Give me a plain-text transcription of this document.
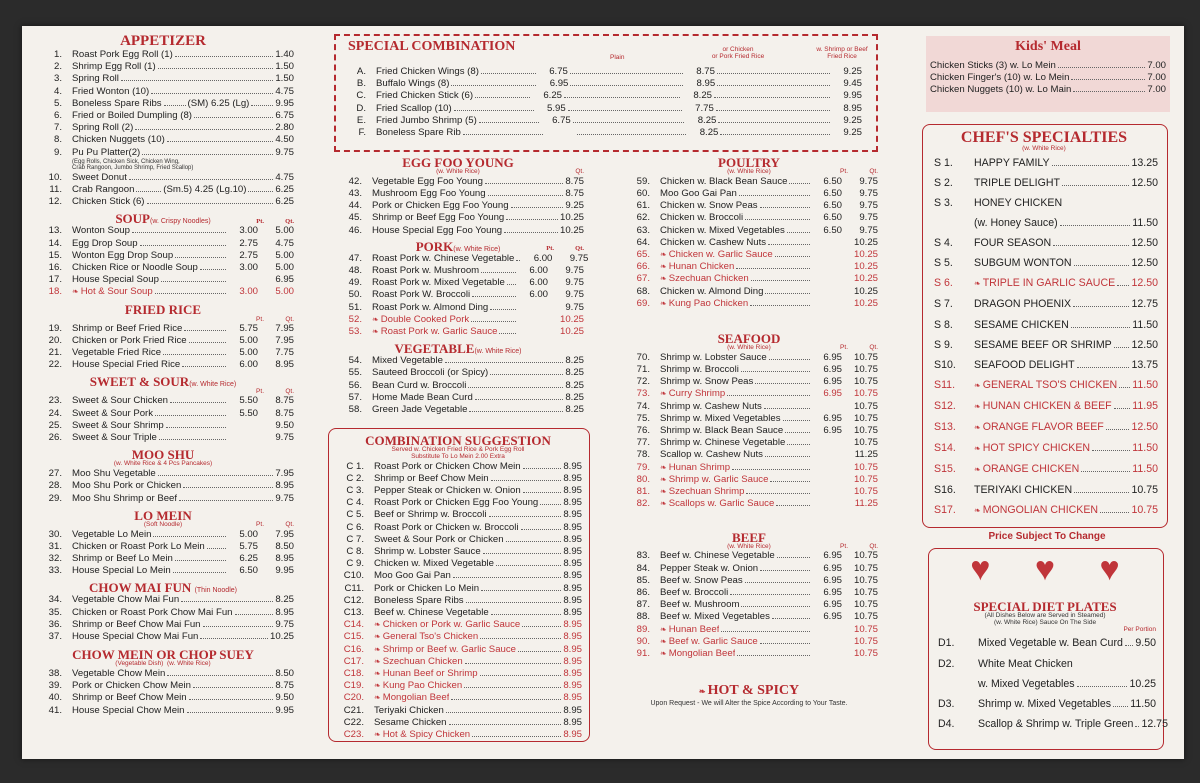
APPETIZER
1.	Roast Pork Egg Roll (1)	1.40
2.	Shrimp Egg Roll (1)	1.50
3.	Spring Roll	1.50
4.	Fried Wonton (10)	4.75
5.	Boneless Spare Ribs	(SM) 6.25 (Lg)	9.95
6.	Fried or Boiled Dumpling (8)	6.75
7.	Spring Roll (2)	2.80
8.	Chicken Nuggets (10)	4.50
9.	Pu Pu Platter(2)	9.75
(Egg Rolls, Chicken Sick, Chicken Wing,
Crab Rangoon, Jumbo Shrimp, Fried Scallop)
10.	Sweet Donut	4.75
11.	Crab Rangoon	(Sm.5) 4.25 (Lg.10)	6.25
12.	Chicken Stick (6)	6.25
SOUP(w. Crispy Noodles)	Pt.	Qt.
13.	Wonton Soup	3.00	5.00
14.	Egg Drop Soup	2.75	4.75
15.	Wonton Egg Drop Soup	2.75	5.00
16.	Chicken Rice or Noodle Soup	3.00	5.00
17.	House Special Soup	6.95
18.	❧ Hot & Sour Soup	3.00	5.00
FRIED RICE
Pt.	Qt.
19.	Shrimp or Beef Fried Rice	5.75	7.95
20.	Chicken or Pork Fried Rice	5.00	7.95
21.	Vegetable Fried Rice	5.00	7.75
22.	House Special Fried Rice	6.00	8.95
SWEET & SOUR(w. White Rice)
Pt.	Qt.
23.	Sweet & Sour Chicken	5.50	8.75
24.	Sweet & Sour Pork	5.50	8.75
25.	Sweet & Sour Shrimp	9.50
26.	Sweet & Sour Triple	9.75
MOO SHU
(w. White Rice & 4 Pcs Pancakes)
27.	Moo Shu Vegetable	7.95
28.	Moo Shu Pork or Chicken	8.95
29.	Moo Shu Shrimp or Beef	9.75
LO MEIN
(Soft Noodle)	Pt.	Qt.
30.	Vegetable Lo Mein	5.00	7.95
31.	Chicken or Roast Pork Lo Mein	5.75	8.50
32.	Shrimp or Beef Lo Mein	6.25	8.95
33.	House Special Lo Mein	6.50	9.95
CHOW MAI FUN (Thin Noodle)
34.	Vegetable Chow Mai Fun	8.25
35.	Chicken or Roast Pork Chow Mai Fun	8.95
36.	Shrimp or Beef Chow Mai Fun	9.75
37.	House Special Chow Mai Fun	10.25
CHOW MEIN OR CHOP SUEY
(Vegetable Dish) (w. White Rice)
38.	Vegetable Chow Mein	8.50
39.	Pork or Chicken Chow Mein	8.75
40.	Shrimp or Beef Chow Mein	9.50
41.	House Special Chow Mein	9.95
SPECIAL COMBINATION
Plain
or Chicken
or Pork Fried Rice
w. Shrimp or Beef
Fried Rice
A.	Fried Chicken Wings (8)	6.75	8.75	9.25
B.	Buffalo Wings (8)	6.95	8.95	9.45
C.	Fried Chicken Stick (6)	6.25	8.25	9.95
D.	Fried Scallop (10)	5.95	7.75	8.95
E.	Fried Jumbo Shrimp (5)	6.75	8.25	9.25
F.	Boneless Spare Rib	8.25	9.25
EGG FOO YOUNG
(w. White Rice)	Qt.
42.	Vegetable Egg Foo Young	8.75
43.	Mushroom Egg Foo Young	8.75
44.	Pork or Chicken Egg Foo Young	9.25
45.	Shrimp or Beef Egg Foo Young	10.25
46.	House Special Egg Foo Young	10.25
PORK(w. White Rice)	Pt.	Qt.
47.	Roast Pork w. Chinese Vegetable	6.00	9.75
48.	Roast Pork w. Mushroom	6.00	9.75
49.	Roast Pork w. Mixed Vegetable	6.00	9.75
50.	Roast Pork W. Broccoli	6.00	9.75
51.	Roast Pork w. Almond Ding	9.75
52.	❧ Double Cooked Pork	10.25
53.	❧ Roast Pork w. Garlic Sauce	10.25
VEGETABLE(w. White Rice)
54.	Mixed Vegetable	8.25
55.	Sauteed Broccoli (or Spicy)	8.25
56.	Bean Curd w. Broccoli	8.25
57.	Home Made Bean Curd	8.25
58.	Green Jade Vegetable	8.25
COMBINATION SUGGESTION
Served w. Chicken Fried Rice & Pork Egg Roll
Substitute To Lo Mein 2.00 Extra
C 1.	Roast Pork or Chicken Chow Mein	8.95
C 2.	Shrimp or Beef Chow Mein	8.95
C 3.	Pepper Steak or Chicken w. Onion	8.95
C 4.	Roast Pork or Chicken Egg Foo Young	8.95
C 5.	Beef or Shrimp w. Broccoli	8.95
C 6.	Roast Pork or Chicken w. Broccoli	8.95
C 7.	Sweet & Sour Pork or Chicken	8.95
C 8.	Shrimp w. Lobster Sauce	8.95
C 9.	Chicken w. Mixed Vegetable	8.95
C10.	Moo Goo Gai Pan	8.95
C11.	Pork or Chicken Lo Mein	8.95
C12.	Boneless Spare Ribs	8.95
C13.	Beef w. Chinese Vegetable	8.95
C14.	❧ Chicken or Pork w. Garlic Sauce	8.95
C15.	❧ General Tso's Chicken	8.95
C16.	❧ Shrimp or Beef w. Garlic Sauce	8.95
C17.	❧ Szechuan Chicken	8.95
C18.	❧ Hunan Beef or Shrimp	8.95
C19.	❧ Kung Pao Chicken	8.95
C20.	❧ Mongolian Beef	8.95
C21.	Teriyaki Chicken	8.95
C22.	Sesame Chicken	8.95
C23.	❧ Hot & Spicy Chicken	8.95
POULTRY
(w. White Rice)	Pt.	Qt.
59.	Chicken w. Black Bean Sauce	6.50	9.75
60.	Moo Goo Gai Pan	6.50	9.75
61.	Chicken w. Snow Peas	6.50	9.75
62.	Chicken w. Broccoli	6.50	9.75
63.	Chicken w. Mixed Vegetables	6.50	9.75
64.	Chicken w. Cashew Nuts	10.25
65.	❧ Chicken w. Garlic Sauce	10.25
66.	❧ Hunan Chicken	10.25
67.	❧ Szechuan Chicken	10.25
68.	Chicken w. Almond Ding	10.25
69.	❧ Kung Pao Chicken	10.25
SEAFOOD
(w. White Rice)	Pt.	Qt.
70.	Shrimp w. Lobster Sauce	6.95	10.75
71.	Shrimp w. Broccoli	6.95	10.75
72.	Shrimp w. Snow Peas	6.95	10.75
73.	❧ Curry Shrimp	6.95	10.75
74.	Shrimp w. Cashew Nuts	10.75
75.	Shrimp w. Mixed Vegetables	6.95	10.75
76.	Shrimp w. Black Bean Sauce	6.95	10.75
77.	Shrimp w. Chinese Vegetable	10.75
78.	Scallop w. Cashew Nuts	11.25
79.	❧ Hunan Shrimp	10.75
80.	❧ Shrimp w. Garlic Sauce	10.75
81.	❧ Szechuan Shrimp	10.75
82.	❧ Scallops w. Garlic Sauce	11.25
BEEF
(w. White Rice)	Pt.	Qt.
83.	Beef w. Chinese Vegetable	6.95	10.75
84.	Pepper Steak w. Onion	6.95	10.75
85.	Beef w. Snow Peas	6.95	10.75
86.	Beef w. Broccoli	6.95	10.75
87.	Beef w. Mushroom	6.95	10.75
88.	Beef w. Mixed Vegetables	6.95	10.75
89.	❧ Hunan Beef	10.75
90.	❧ Beef w. Garlic Sauce	10.75
91.	❧ Mongolian Beef	10.75
❧ HOT & SPICY
Upon Request - We will Alter the Spice According to Your Taste.
Kids' Meal
Chicken Sticks (3) w. Lo Mein	7.00
Chicken Finger's (10) w. Lo Mein	7.00
Chicken Nuggets (10) w. Lo Main	7.00
CHEF'S SPECIALTIES
(w. White Rice)
S 1.	HAPPY FAMILY	13.25
S 2.	TRIPLE DELIGHT	12.50
S 3.	HONEY CHICKEN
(w. Honey Sauce)	11.50
S 4.	FOUR SEASON	12.50
S 5.	SUBGUM WONTON	12.50
S 6.	❧ TRIPLE IN GARLIC SAUCE 12.50
S 7.	DRAGON PHOENIX	12.75
S 8.	SESAME CHICKEN	11.50
S 9.	SESAME BEEF OR SHRIMP 12.50
S10.	SEAFOOD DELIGHT	13.75
S11.	❧ GENERAL TSO'S CHICKEN 11.50
S12.	❧ HUNAN CHICKEN & BEEF 11.95
S13.	❧ ORANGE FLAVOR BEEF	12.50
S14.	❧ HOT SPICY CHICKEN	11.50
S15.	❧ ORANGE CHICKEN	11.50
S16.	TERIYAKI CHICKEN	10.75
S17.	❧ MONGOLIAN CHICKEN	10.75
Price Subject To Change
♥ ♥ ♥
SPECIAL DIET PLATES
(All Dishes Below are Served in Steamed)
(w. White Rice) Sauce On The Side
Per Portion
D1.	Mixed Vegetable w. Bean Curd 9.50
D2.	White Meat Chicken
w. Mixed Vegetables	10.25
D3.	Shrimp w. Mixed Vegetables 11.50
D4.	Scallop & Shrimp w. Triple Green 12.75
